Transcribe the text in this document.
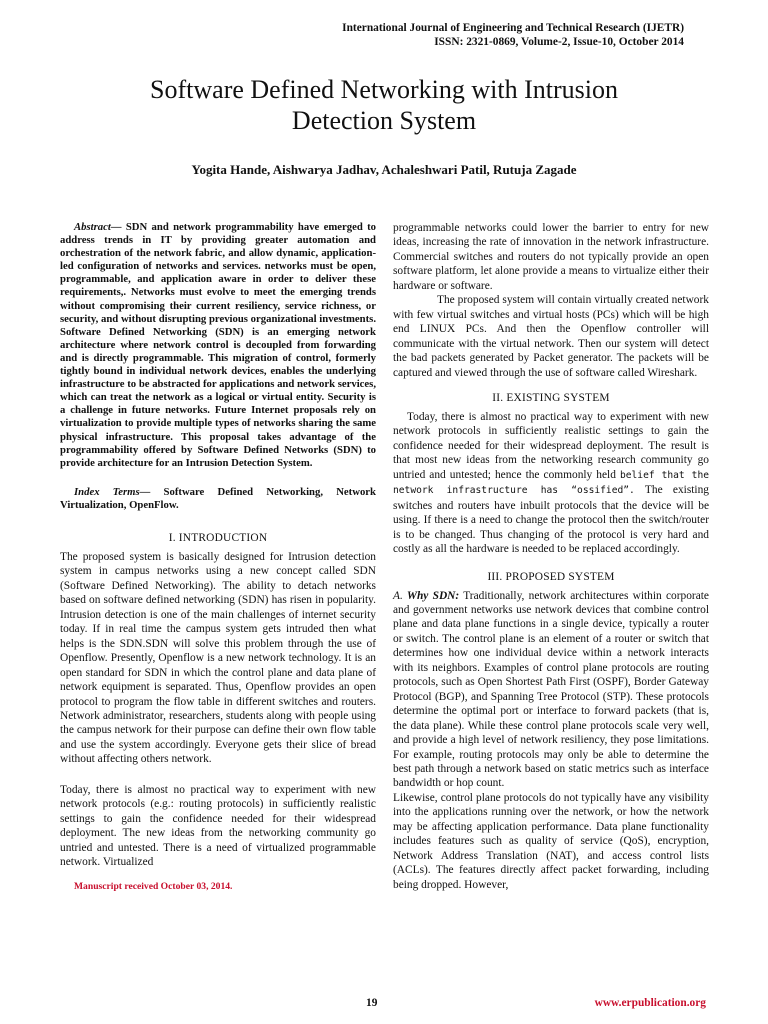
International Journal of Engineering and Technical Research (IJETR)
ISSN: 2321-0869, Volume-2, Issue-10, October 2014
Software Defined Networking with Intrusion
Detection System
Yogita Hande, Aishwarya Jadhav, Achaleshwari Patil, Rutuja Zagade

Abstract— SDN and network programmability have emerged to address trends in IT by providing greater automation and orchestration of the network fabric, and allow dynamic, application-led configuration of networks and services. networks must be open, programmable, and application aware in order to deliver these requirements,. Networks must evolve to meet the emerging trends without compromising their current resiliency, service richness, or security, and without disrupting previous organizational investments. Software Defined Networking (SDN) is an emerging network architecture where network control is decoupled from forwarding and is directly programmable. This migration of control, formerly tightly bound in individual network devices, enables the underlying infrastructure to be abstracted for applications and network services, which can treat the network as a logical or virtual entity. Security is a challenge in future networks. Future Internet proposals rely on virtualization to provide multiple types of networks sharing the same physical infrastructure. This proposal takes advantage of the programmability offered by Software Defined Networks (SDN) to provide architecture for an Intrusion Detection System.

Index Terms— Software Defined Networking, Network Virtualization, OpenFlow.

I. INTRODUCTION

The proposed system is basically designed for Intrusion detection system in campus networks using a new concept called SDN (Software Defined Networking). The ability to detach networks based on software defined networking (SDN) has risen in popularity. Intrusion detection is one of the main challenges of internet security today. If in real time the campus system gets intruded then what helps is the SDN.SDN will solve this problem through the use of Openflow. Presently, Openflow is a new network technology. It is an open standard for SDN in which the control plane and data plane of network equipment is separated. Thus, Openflow provides an open protocol to program the flow table in different switches and routers. Network administrator, researchers, students along with people using the campus network for their purpose can define their own flow table and use the system accordingly. Everyone gets their slice of bread without affecting others network.

Today, there is almost no practical way to experiment with new network protocols (e.g.: routing protocols) in sufficiently realistic settings to gain the confidence needed for their widespread deployment. The new ideas from the networking community go untried and untested. There is a need of virtualized programmable network. Virtualized

Manuscript received October 03, 2014.

programmable networks could lower the barrier to entry for new ideas, increasing the rate of innovation in the network infrastructure. Commercial switches and routers do not typically provide an open software platform, let alone provide a means to virtualize either their hardware or software.

The proposed system will contain virtually created network with few virtual switches and virtual hosts (PCs) which will be high end LINUX PCs. And then the Openflow controller will communicate with the virtual network. Then our system will detect the bad packets generated by Packet generator. The packets will be captured and viewed through the use of software called Wireshark.

II. EXISTING SYSTEM

Today, there is almost no practical way to experiment with new network protocols in sufficiently realistic settings to gain the confidence needed for their widespread deployment. The result is that most new ideas from the networking research community go untried and untested; hence the commonly held belief that the network infrastructure has “ossified”. The existing switches and routers have inbuilt protocols that the device will be using. If there is a need to change the protocol then the switch/router is to be changed. Thus changing of the protocol is very hard and costly as all the hardware is needed to be replaced accordingly.

III. PROPOSED SYSTEM

A. Why SDN: Traditionally, network architectures within corporate and government networks use network devices that combine control plane and data plane functions in a single device, typically a router or switch. The control plane is an element of a router or switch that determines how one individual device within a network interacts with its neighbors. Examples of control plane protocols are routing protocols, such as Open Shortest Path First (OSPF), Border Gateway Protocol (BGP), and Spanning Tree Protocol (STP). These protocols determine the optimal port or interface to forward packets (that is, the data plane). While these control plane protocols scale very well, and provide a high level of network resiliency, they pose limitations. For example, routing protocols may only be able to determine the best path through a network based on static metrics such as interface bandwidth or hop count.

Likewise, control plane protocols do not typically have any visibility into the applications running over the network, or how the network may be affecting application performance. Data plane functionality includes features such as quality of service (QoS), encryption, Network Address Translation (NAT), and access control lists (ACLs). The features directly affect packet forwarding, including being dropped. However,

19	www.erpublication.org
